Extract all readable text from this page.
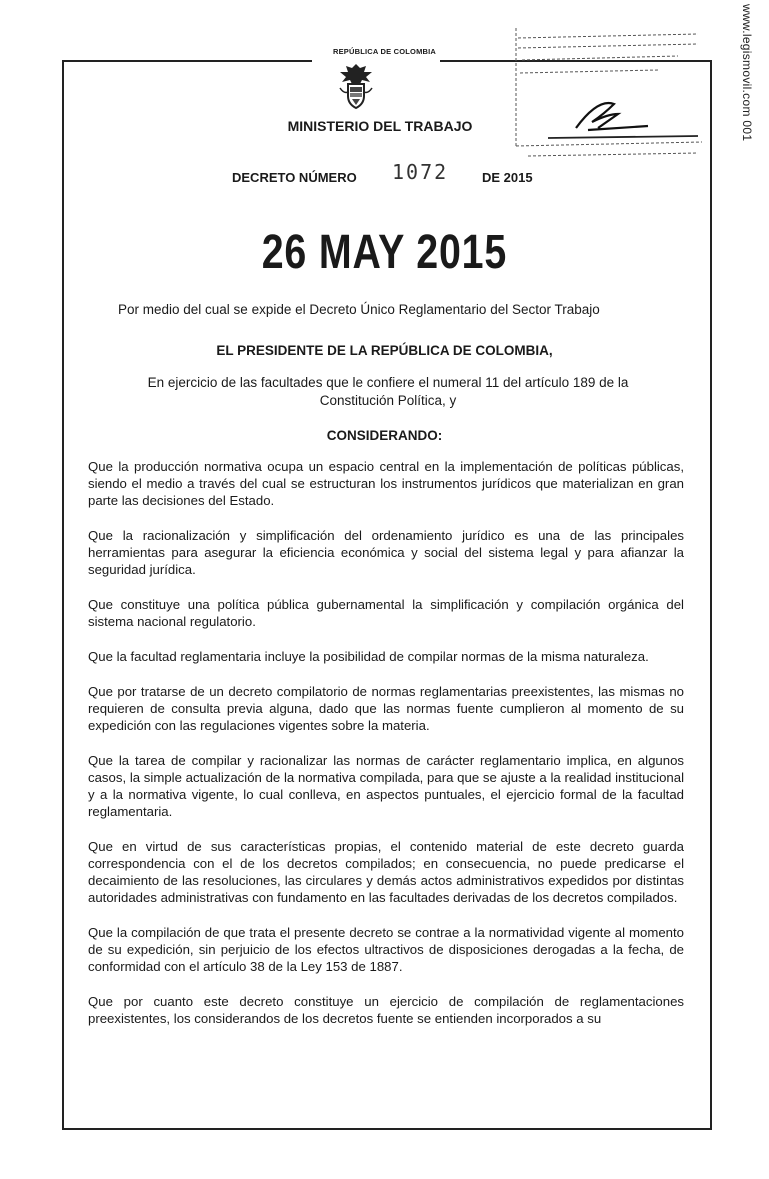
REPÚBLICA DE COLOMBIA
MINISTERIO DEL TRABAJO
DECRETO NÚMERO 1072	DE 2015
26 MAY 2015
www.legismovil.com 001
Por medio del cual se expide el Decreto Único Reglamentario del Sector Trabajo
EL PRESIDENTE DE LA REPÚBLICA DE COLOMBIA,
En ejercicio de las facultades que le confiere el numeral 11 del artículo 189 de la Constitución Política, y
CONSIDERANDO:

Que la producción normativa ocupa un espacio central en la implementación de políticas públicas, siendo el medio a través del cual se estructuran los instrumentos jurídicos que materializan en gran parte las decisiones del Estado.

Que la racionalización y simplificación del ordenamiento jurídico es una de las principales herramientas para asegurar la eficiencia económica y social del sistema legal y para afianzar la seguridad jurídica.

Que constituye una política pública gubernamental la simplificación y compilación orgánica del sistema nacional regulatorio.

Que la facultad reglamentaria incluye la posibilidad de compilar normas de la misma naturaleza.

Que por tratarse de un decreto compilatorio de normas reglamentarias preexistentes, las mismas no requieren de consulta previa alguna, dado que las normas fuente cumplieron al momento de su expedición con las regulaciones vigentes sobre la materia.

Que la tarea de compilar y racionalizar las normas de carácter reglamentario implica, en algunos casos, la simple actualización de la normativa compilada, para que se ajuste a la realidad institucional y a la normativa vigente, lo cual conlleva, en aspectos puntuales, el ejercicio formal de la facultad reglamentaria.

Que en virtud de sus características propias, el contenido material de este decreto guarda correspondencia con el de los decretos compilados; en consecuencia, no puede predicarse el decaimiento de las resoluciones, las circulares y demás actos administrativos expedidos por distintas autoridades administrativas con fundamento en las facultades derivadas de los decretos compilados.

Que la compilación de que trata el presente decreto se contrae a la normatividad vigente al momento de su expedición, sin perjuicio de los efectos ultractivos de disposiciones derogadas a la fecha, de conformidad con el artículo 38 de la Ley 153 de 1887.

Que por cuanto este decreto constituye un ejercicio de compilación de reglamentaciones preexistentes, los considerandos de los decretos fuente se entienden incorporados a su
